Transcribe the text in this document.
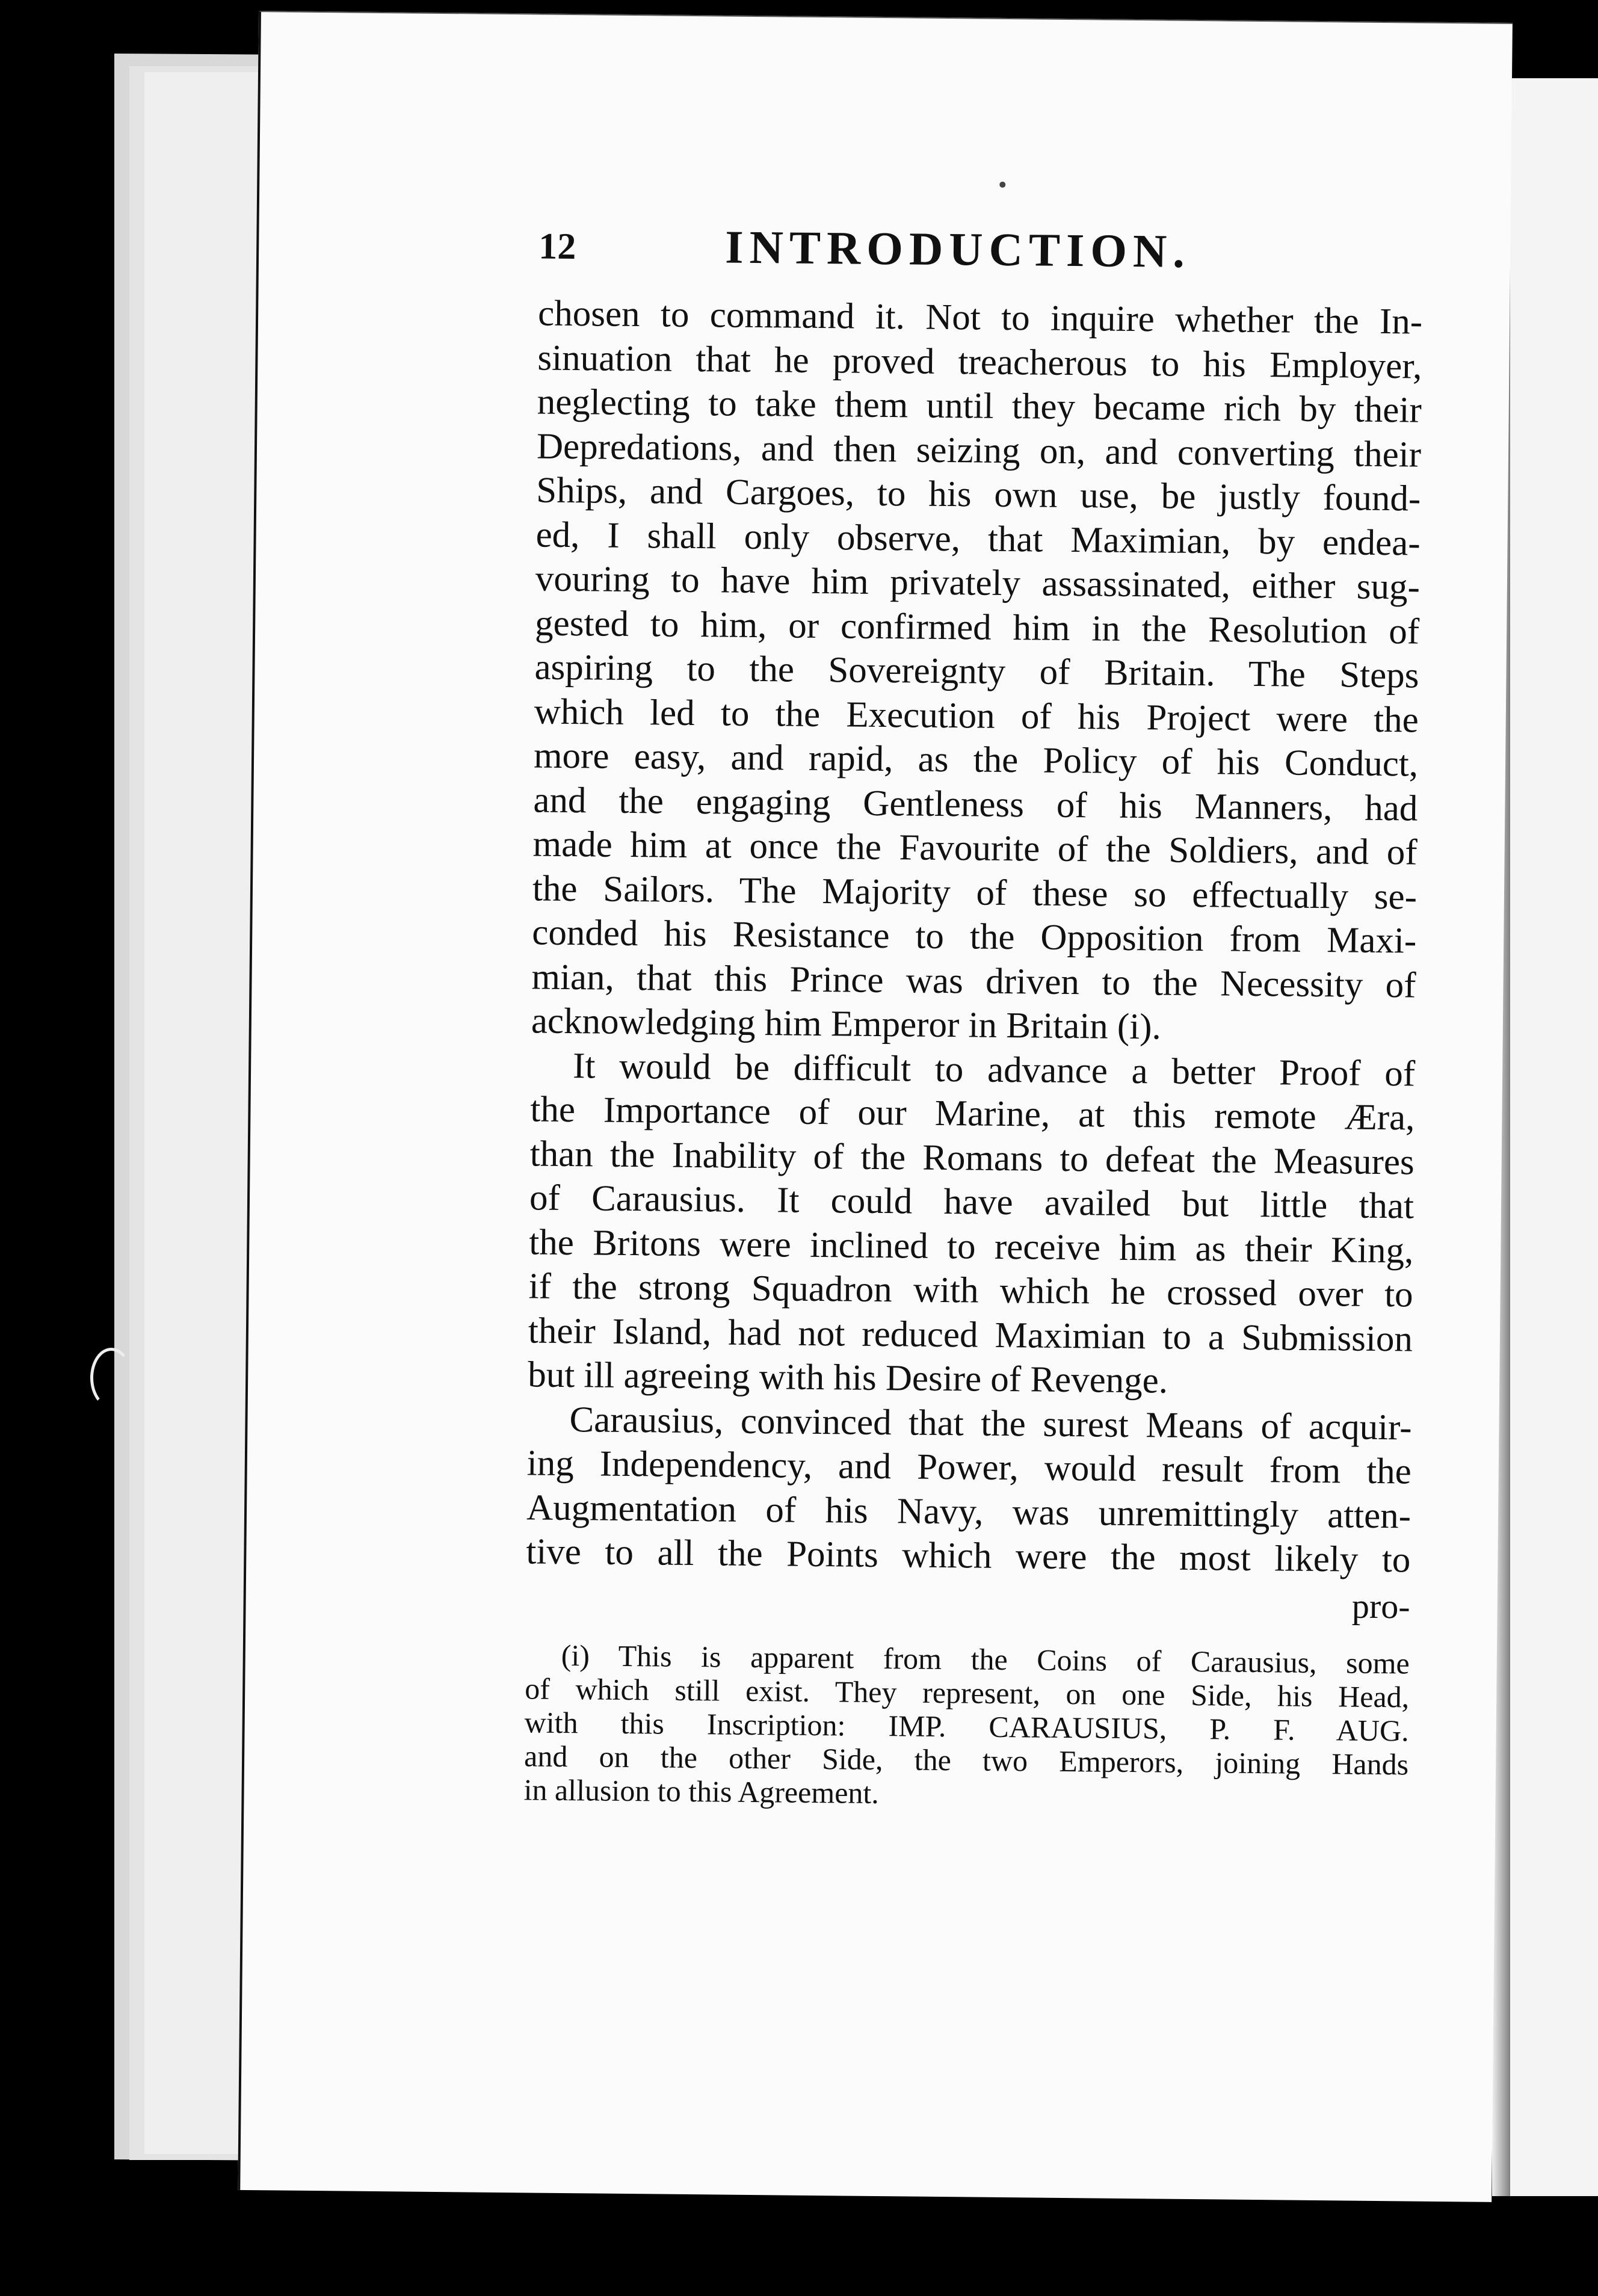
12	INTRODUCTION.

chosen to command it. Not to inquire whether the In-

sinuation that he proved treacherous to his Employer,

neglecting to take them until they became rich by their

Depredations, and then seizing on, and converting their

Ships, and Cargoes, to his own use, be justly found-

ed, I shall only observe, that Maximian, by endea-

vouring to have him privately assassinated, either sug-

gested to him, or confirmed him in the Resolution of

aspiring to the Sovereignty of Britain. The Steps

which led to the Execution of his Project were the

more easy, and rapid, as the Policy of his Conduct,

and the engaging Gentleness of his Manners, had

made him at once the Favourite of the Soldiers, and of

the Sailors. The Majority of these so effectually se-

conded his Resistance to the Opposition from Maxi-

mian, that this Prince was driven to the Necessity of

acknowledging him Emperor in Britain (i).

It would be difficult to advance a better Proof of

the Importance of our Marine, at this remote Æra,

than the Inability of the Romans to defeat the Measures

of Carausius. It could have availed but little that

the Britons were inclined to receive him as their King,

if the strong Squadron with which he crossed over to

their Island, had not reduced Maximian to a Submission

but ill agreeing with his Desire of Revenge.

Carausius, convinced that the surest Means of acquir-

ing Independency, and Power, would result from the

Augmentation of his Navy, was unremittingly atten-

tive to all the Points which were the most likely to

pro-

(i) This is apparent from the Coins of Carausius, some

of which still exist. They represent, on one Side, his Head,

with this Inscription: IMP. CARAUSIUS, P. F. AUG.

and on the other Side, the two Emperors, joining Hands

in allusion to this Agreement.
